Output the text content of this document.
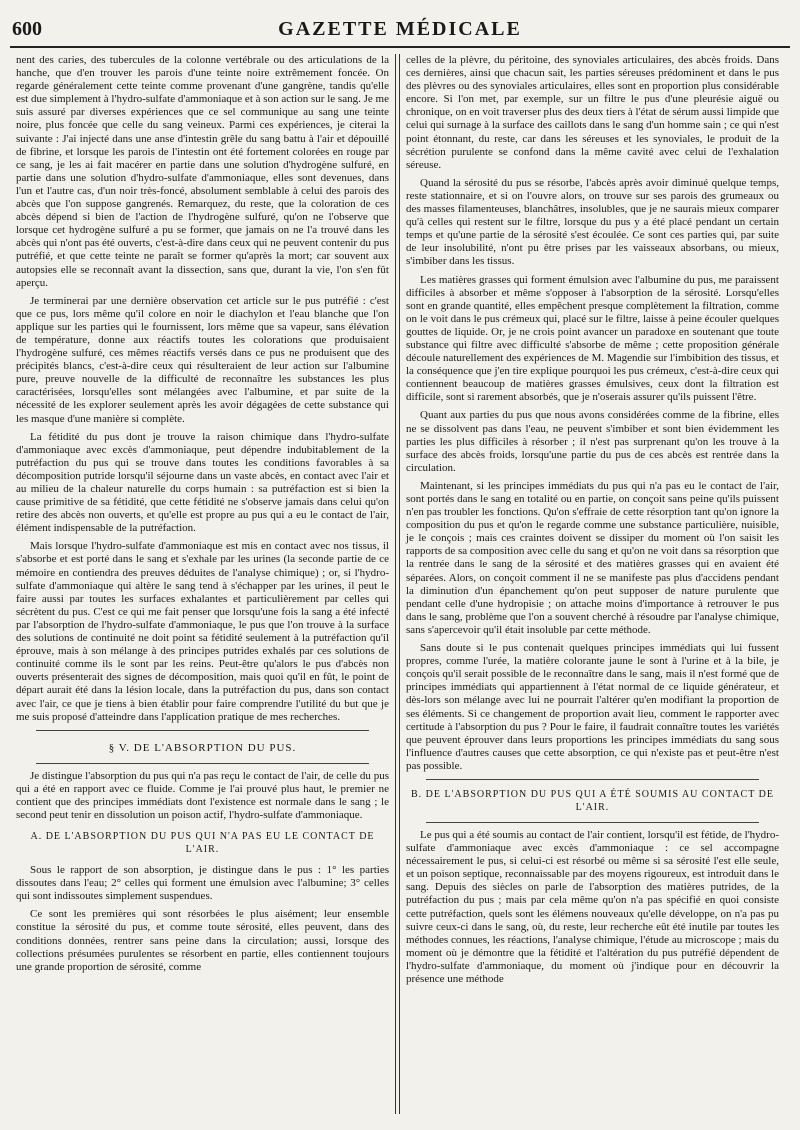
600	GAZETTE MÉDICALE

nent des caries, des tubercules de la colonne vertébrale ou des articulations de la hanche, que d'en trouver les parois d'une teinte noire extrêmement foncée. On regarde généralement cette teinte comme provenant d'une gangrène, tandis qu'elle est due simplement à l'hydro-sulfate d'ammoniaque et à son action sur le sang. Je me suis assuré par diverses expériences que ce sel communique au sang une teinte noire, plus foncée que celle du sang veineux. Parmi ces expériences, je citerai la suivante : J'ai injecté dans une anse d'intestin grêle du sang battu à l'air et dépouillé de fibrine, et lorsque les parois de l'intestin ont été fortement colorées en rouge par ce sang, je les ai fait macérer en partie dans une solution d'hydrogène sulfuré, en partie dans une solution d'hydro-sulfate d'ammoniaque, elles sont devenues, dans l'un et l'autre cas, d'un noir très-foncé, absolument semblable à celui des parois des abcès que l'on suppose gangrenés. Remarquez, du reste, que la coloration de ces abcès dépend si bien de l'action de l'hydrogène sulfuré, qu'on ne l'observe que lorsque cet hydrogène sulfuré a pu se former, que jamais on ne l'a trouvé dans les abcès qui n'ont pas été ouverts, c'est-à-dire dans ceux qui ne peuvent contenir du pus putréfié, et que cette teinte ne paraît se former qu'après la mort; car souvent aux autopsies elle se reconnaît avant la dissection, sans que, durant la vie, l'on s'en fût aperçu.

Je terminerai par une dernière observation cet article sur le pus putréfié : c'est que ce pus, lors même qu'il colore en noir le diachylon et l'eau blanche que l'on applique sur les parties qui le fournissent, lors même que sa vapeur, sans élévation de température, donne aux réactifs toutes les colorations que produisaient l'hydrogène sulfuré, ces mêmes réactifs versés dans ce pus ne produisent que des précipités blancs, c'est-à-dire ceux qui résulteraient de leur action sur l'albumine pure, preuve nouvelle de la difficulté de reconnaître les substances les plus caractérisées, lorsqu'elles sont mélangées avec l'albumine, et par suite de la nécessité de les explorer seulement après les avoir dégagées de cette substance qui les masque d'une manière si complète.

La fétidité du pus dont je trouve la raison chimique dans l'hydro-sulfate d'ammoniaque avec excès d'ammoniaque, peut dépendre indubitablement de la putréfaction du pus qui se trouve dans toutes les conditions favorables à sa décomposition putride lorsqu'il séjourne dans un vaste abcès, en contact avec l'air et au milieu de la chaleur naturelle du corps humain : sa putréfaction est si bien la cause primitive de sa fétidité, que cette fétidité ne s'observe jamais dans celui qu'on retire des abcès non ouverts, et qu'elle est propre au pus qui a eu le contact de l'air, élément indispensable de la putréfaction.

Mais lorsque l'hydro-sulfate d'ammoniaque est mis en contact avec nos tissus, il s'absorbe et est porté dans le sang et s'exhale par les urines (la seconde partie de ce mémoire en contiendra des preuves déduites de l'analyse chimique) ; or, si l'hydro-sulfate d'ammoniaque qui altère le sang tend à s'échapper par les urines, il peut le faire aussi par toutes les surfaces exhalantes et particulièrement par celles qui sécrètent du pus. C'est ce qui me fait penser que lorsqu'une fois la sang a été infecté par l'absorption de l'hydro-sulfate d'ammoniaque, le pus que l'on trouve à la surface des solutions de continuité ne doit point sa fétidité seulement à la putréfaction qu'il éprouve, mais à son mélange à des principes putrides exhalés par ces solutions de continuité comme ils le sont par les reins. Peut-être qu'alors le pus d'abcès non ouverts présenterait des signes de décomposition, mais quoi qu'il en fût, le point de départ aurait été dans la lésion locale, dans la putréfaction du pus, dans son contact avec l'air, ce que je tiens à bien établir pour faire comprendre l'utilité du but que je me suis proposé d'atteindre dans l'application pratique de mes recherches.

§ V. DE L'ABSORPTION DU PUS.

Je distingue l'absorption du pus qui n'a pas reçu le contact de l'air, de celle du pus qui a été en rapport avec ce fluide. Comme je l'ai prouvé plus haut, le premier ne contient que des principes immédiats dont l'existence est normale dans le sang ; le second peut tenir en dissolution un poison actif, l'hydro-sulfate d'ammoniaque.

A. DE L'ABSORPTION DU PUS QUI N'A PAS EU LE CONTACT DE L'AIR.

Sous le rapport de son absorption, je distingue dans le pus : 1° les parties dissoutes dans l'eau; 2° celles qui forment une émulsion avec l'albumine; 3° celles qui sont indissoutes simplement suspendues.

Ce sont les premières qui sont résorbées le plus aisément; leur ensemble constitue la sérosité du pus, et comme toute sérosité, elles peuvent, dans des conditions données, rentrer sans peine dans la circulation; aussi, lorsque des collections présumées purulentes se résorbent en partie, elles contiennent toujours une grande proportion de sérosité, comme

celles de la plèvre, du péritoine, des synoviales articulaires, des abcès froids. Dans ces dernières, ainsi que chacun sait, les parties séreuses prédominent et dans le pus des plèvres ou des synoviales articulaires, elles sont en proportion plus considérable encore. Si l'on met, par exemple, sur un filtre le pus d'une pleurésie aiguë ou chronique, on en voit traverser plus des deux tiers à l'état de sérum aussi limpide que celui qui surnage à la surface des caillots dans le sang d'un homme sain ; ce qui n'est point étonnant, du reste, car dans les séreuses et les synoviales, le produit de la sécrétion purulente se confond dans la même cavité avec celui de l'exhalation séreuse.

Quand la sérosité du pus se résorbe, l'abcès après avoir diminué quelque temps, reste stationnaire, et si on l'ouvre alors, on trouve sur ses parois des grumeaux ou des masses filamenteuses, blanchâtres, insolubles, que je ne saurais mieux comparer qu'à celles qui restent sur le filtre, lorsque du pus y a été placé pendant un certain temps et qu'une partie de la sérosité s'est écoulée. Ce sont ces parties qui, par suite de leur insolubilité, n'ont pu être prises par les vaisseaux absorbans, ou mieux, s'imbiber dans les tissus.

Les matières grasses qui forment émulsion avec l'albumine du pus, me paraissent difficiles à absorber et même s'opposer à l'absorption de la sérosité. Lorsqu'elles sont en grande quantité, elles empêchent presque complètement la filtration, comme on le voit dans le pus crémeux qui, placé sur le filtre, laisse à peine écouler quelques gouttes de liquide. Or, je ne crois point avancer un paradoxe en soutenant que toute substance qui filtre avec difficulté s'absorbe de même ; cette proposition générale découle naturellement des expériences de M. Magendie sur l'imbibition des tissus, et la conséquence que j'en tire explique pourquoi les pus crémeux, c'est-à-dire ceux qui contiennent beaucoup de matières grasses émulsives, ceux dont la filtration est difficile, sont si rarement absorbés, que je n'oserais assurer qu'ils puissent l'être.

Quant aux parties du pus que nous avons considérées comme de la fibrine, elles ne se dissolvent pas dans l'eau, ne peuvent s'imbiber et sont bien évidemment les parties les plus difficiles à résorber ; il n'est pas surprenant qu'on les trouve à la surface des abcès froids, lorsqu'une partie du pus de ces abcès est rentrée dans la circulation.

Maintenant, si les principes immédiats du pus qui n'a pas eu le contact de l'air, sont portés dans le sang en totalité ou en partie, on conçoit sans peine qu'ils puissent n'en pas troubler les fonctions. Qu'on s'effraie de cette résorption tant qu'on ignore la composition du pus et qu'on le regarde comme une substance particulière, nuisible, je le conçois ; mais ces craintes doivent se dissiper du moment où l'on saisit les rapports de sa composition avec celle du sang et qu'on ne voit dans sa résorption que la rentrée dans le sang de la sérosité et des matières grasses qui en avaient été séparées. Alors, on conçoit comment il ne se manifeste pas plus d'accidens pendant la diminution d'un épanchement qu'on peut supposer de nature purulente que pendant celle d'une hydropisie ; on attache moins d'importance à retrouver le pus dans le sang, problème que l'on a souvent cherché à résoudre par l'analyse chimique, sans s'apercevoir qu'il était insoluble par cette méthode.

Sans doute si le pus contenait quelques principes immédiats qui lui fussent propres, comme l'urée, la matière colorante jaune le sont à l'urine et à la bile, je conçois qu'il serait possible de le reconnaître dans le sang, mais il n'est formé que de principes immédiats qui appartiennent à l'état normal de ce liquide générateur, et dès-lors son mélange avec lui ne pourrait l'altérer qu'en modifiant la proportion de ses éléments. Si ce changement de proportion avait lieu, comment le rapporter avec certitude à l'absorption du pus ? Pour le faire, il faudrait connaître toutes les variétés que peuvent éprouver dans leurs proportions les principes immédiats du sang sous l'influence d'autres causes que cette absorption, ce qui n'existe pas et peut-être n'est pas possible.

B. DE L'ABSORPTION DU PUS QUI A ÉTÉ SOUMIS AU CONTACT DE L'AIR.

Le pus qui a été soumis au contact de l'air contient, lorsqu'il est fétide, de l'hydro-sulfate d'ammoniaque avec excès d'ammoniaque : ce sel accompagne nécessairement le pus, si celui-ci est résorbé ou même si sa sérosité l'est elle seule, et un poison septique, reconnaissable par des moyens rigoureux, est introduit dans le sang. Depuis des siècles on parle de l'absorption des matières putrides, de la putréfaction du pus ; mais par cela même qu'on n'a pas spécifié en quoi consiste cette putréfaction, quels sont les élémens nouveaux qu'elle développe, on n'a pas pu suivre ceux-ci dans le sang, où, du reste, leur recherche eût été inutile par toutes les méthodes connues, les réactions, l'analyse chimique, l'étude au microscope ; mais du moment où je démontre que la fétidité et l'altération du pus putréfié dépendent de l'hydro-sulfate d'ammoniaque, du moment où j'indique pour en découvrir la présence une méthode
